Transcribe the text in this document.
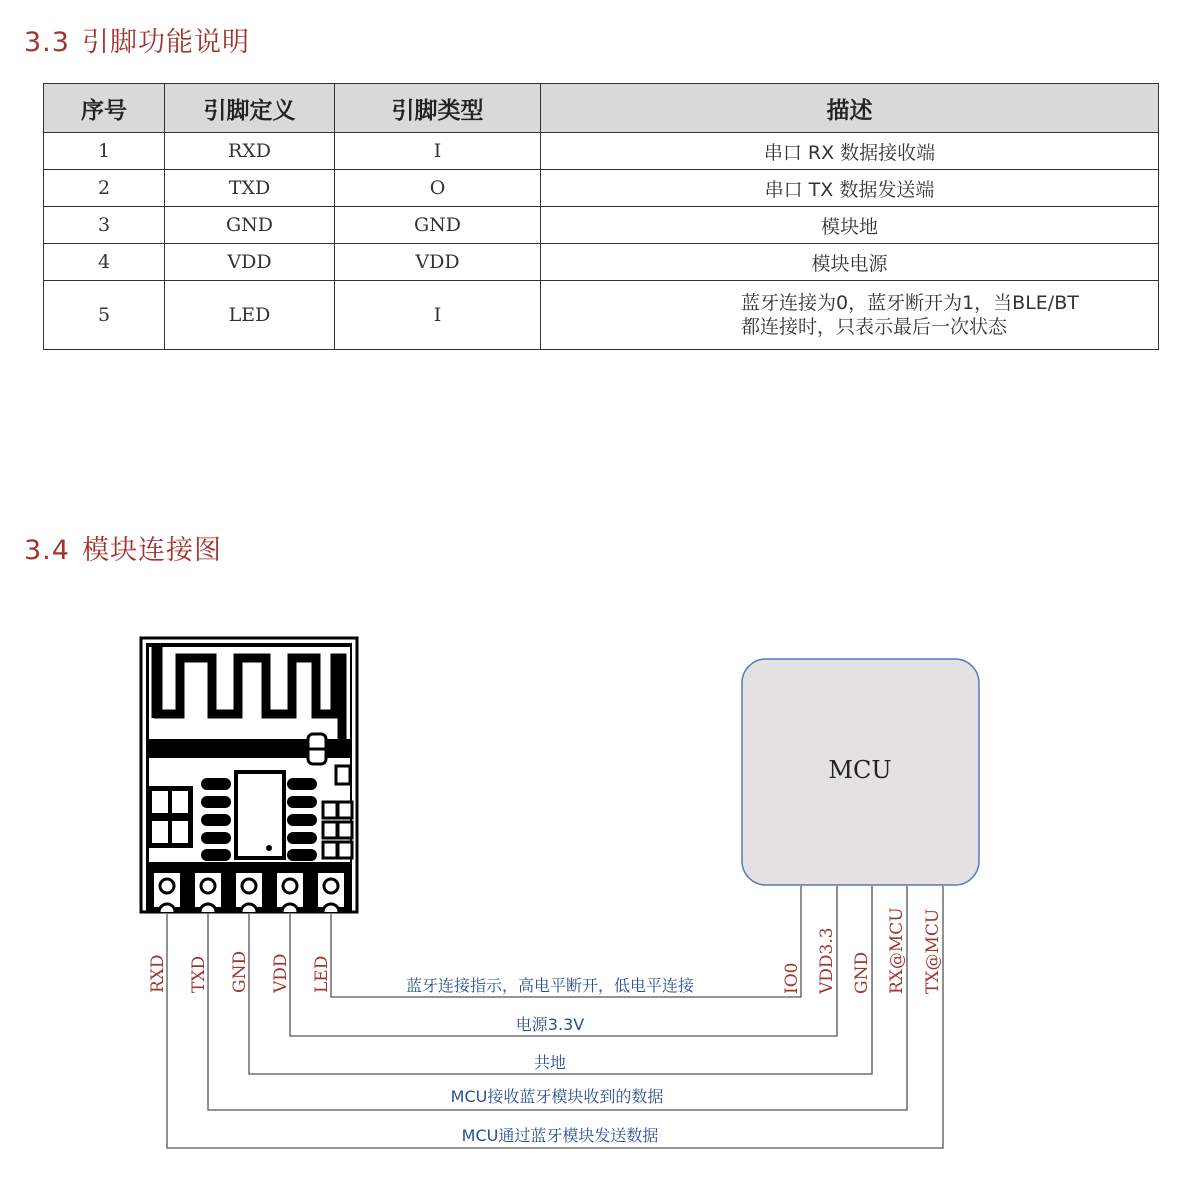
3.3 引脚功能说明
序号	引脚定义	引脚类型	描述
1	RXD	I	串口 RX 数据接收端
2	TXD	O	串口 TX 数据发送端
3	GND	GND	模块地
4	VDD	VDD	模块电源
5	LED	I	蓝牙连接为0，蓝牙断开为1，当BLE/BT
都连接时，只表示最后一次状态
3.4 模块连接图
MCU
RXD TXD GND VDD LED	IO0 VDD3.3 GND RX@MCU TX@MCU
蓝牙连接指示，高电平断开，低电平连接
电源3.3V
共地
MCU接收蓝牙模块收到的数据
MCU通过蓝牙模块发送数据
